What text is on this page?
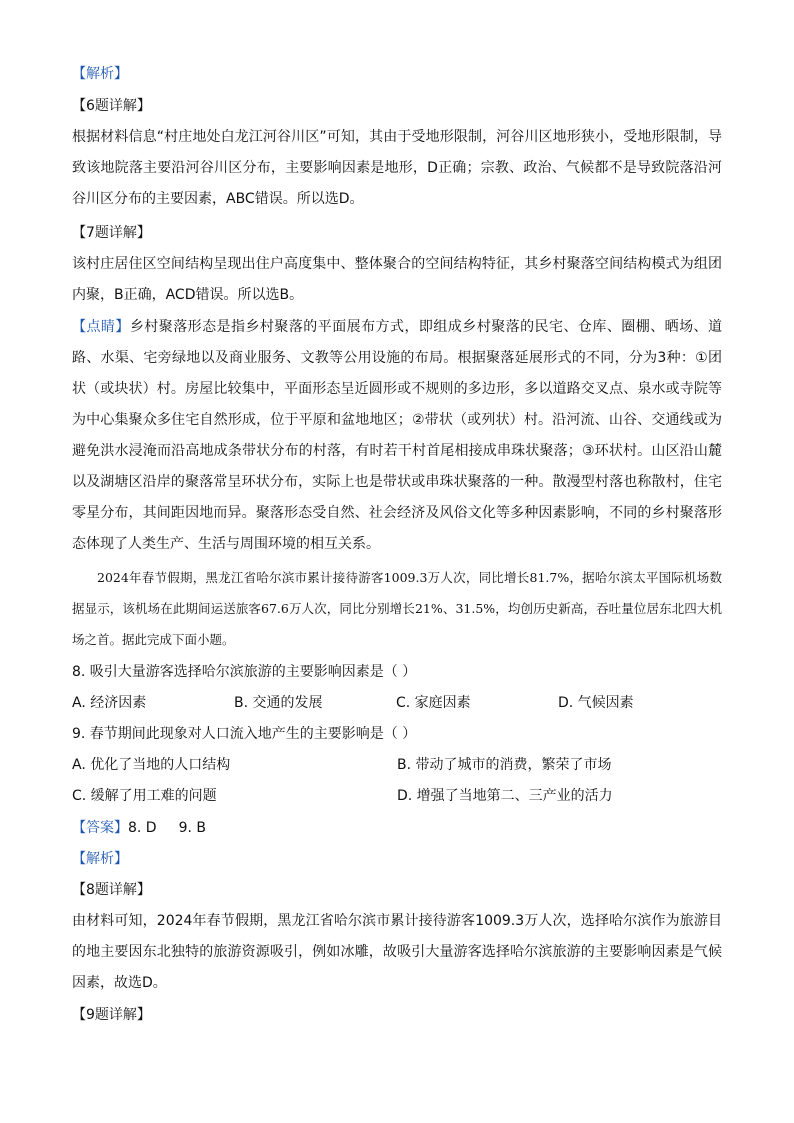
【解析】
【6题详解】
根据材料信息“村庄地处白龙江河谷川区”可知，其由于受地形限制，河谷川区地形狭小，受地形限制，导致该地院落主要沿河谷川区分布，主要影响因素是地形，D正确；宗教、政治、气候都不是导致院落沿河谷川区分布的主要因素，ABC错误。所以选D。
【7题详解】
该村庄居住区空间结构呈现出住户高度集中、整体聚合的空间结构特征，其乡村聚落空间结构模式为组团内聚，B正确，ACD错误。所以选B。
【点睛】乡村聚落形态是指乡村聚落的平面展布方式，即组成乡村聚落的民宅、仓库、圈棚、晒场、道路、水渠、宅旁绿地以及商业服务、文教等公用设施的布局。根据聚落延展形式的不同，分为3种：①团状（或块状）村。房屋比较集中，平面形态呈近圆形或不规则的多边形，多以道路交叉点、泉水或寺院等为中心集聚众多住宅自然形成，位于平原和盆地地区；②带状（或列状）村。沿河流、山谷、交通线或为避免洪水浸淹而沿高地成条带状分布的村落，有时若干村首尾相接成串珠状聚落；③环状村。山区沿山麓以及湖塘区沿岸的聚落常呈环状分布，实际上也是带状或串珠状聚落的一种。散漫型村落也称散村，住宅零星分布，其间距因地而异。聚落形态受自然、社会经济及风俗文化等多种因素影响，不同的乡村聚落形态体现了人类生产、生活与周围环境的相互关系。
2024年春节假期，黑龙江省哈尔滨市累计接待游客1009.3万人次，同比增长81.7%，据哈尔滨太平国际机场数据显示，该机场在此期间运送旅客67.6万人次，同比分别增长21%、31.5%，均创历史新高，吞吐量位居东北四大机场之首。据此完成下面小题。
8. 吸引大量游客选择哈尔滨旅游的主要影响因素是（ ）
A. 经济因素	B. 交通的发展	C. 家庭因素	D. 气候因素
9. 春节期间此现象对人口流入地产生的主要影响是（ ）
A. 优化了当地的人口结构	B. 带动了城市的消费，繁荣了市场
C. 缓解了用工难的问题	D. 增强了当地第二、三产业的活力
【答案】8. D 9. B
【解析】
【8题详解】
由材料可知，2024年春节假期，黑龙江省哈尔滨市累计接待游客1009.3万人次，选择哈尔滨作为旅游目的地主要因东北独特的旅游资源吸引，例如冰雕，故吸引大量游客选择哈尔滨旅游的主要影响因素是气候因素，故选D。
【9题详解】
